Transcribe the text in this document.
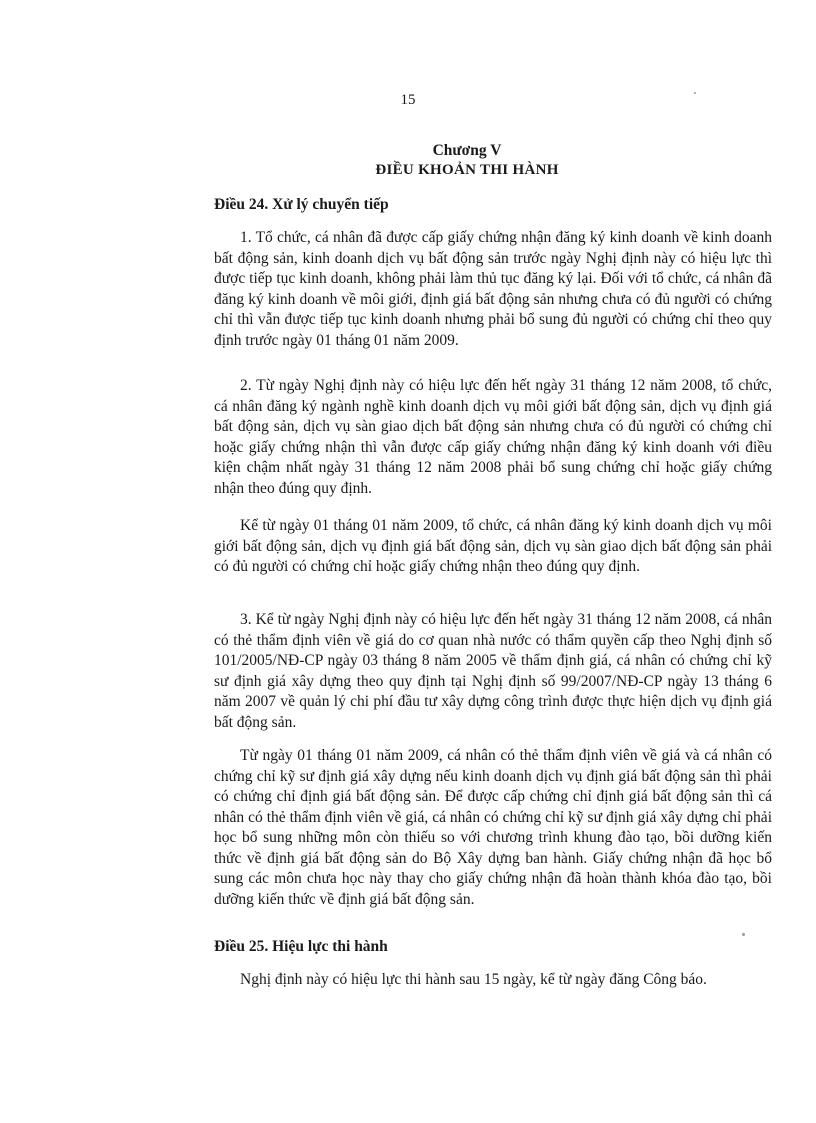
15
Chương V
ĐIỀU KHOẢN THI HÀNH
Điều 24. Xử lý chuyển tiếp
1. Tổ chức, cá nhân đã được cấp giấy chứng nhận đăng ký kinh doanh về kinh doanh bất động sản, kinh doanh dịch vụ bất động sản trước ngày Nghị định này có hiệu lực thì được tiếp tục kinh doanh, không phải làm thủ tục đăng ký lại. Đối với tổ chức, cá nhân đã đăng ký kinh doanh về môi giới, định giá bất động sản nhưng chưa có đủ người có chứng chỉ thì vẫn được tiếp tục kinh doanh nhưng phải bổ sung đủ người có chứng chỉ theo quy định trước ngày 01 tháng 01 năm 2009.
2. Từ ngày Nghị định này có hiệu lực đến hết ngày 31 tháng 12 năm 2008, tổ chức, cá nhân đăng ký ngành nghề kinh doanh dịch vụ môi giới bất động sản, dịch vụ định giá bất động sản, dịch vụ sàn giao dịch bất động sản nhưng chưa có đủ người có chứng chỉ hoặc giấy chứng nhận thì vẫn được cấp giấy chứng nhận đăng ký kinh doanh với điều kiện chậm nhất ngày 31 tháng 12 năm 2008 phải bổ sung chứng chỉ hoặc giấy chứng nhận theo đúng quy định.
Kể từ ngày 01 tháng 01 năm 2009, tổ chức, cá nhân đăng ký kinh doanh dịch vụ môi giới bất động sản, dịch vụ định giá bất động sản, dịch vụ sàn giao dịch bất động sản phải có đủ người có chứng chỉ hoặc giấy chứng nhận theo đúng quy định.
3. Kể từ ngày Nghị định này có hiệu lực đến hết ngày 31 tháng 12 năm 2008, cá nhân có thẻ thẩm định viên về giá do cơ quan nhà nước có thẩm quyền cấp theo Nghị định số 101/2005/NĐ-CP ngày 03 tháng 8 năm 2005 về thẩm định giá, cá nhân có chứng chỉ kỹ sư định giá xây dựng theo quy định tại Nghị định số 99/2007/NĐ-CP ngày 13 tháng 6 năm 2007 về quản lý chi phí đầu tư xây dựng công trình được thực hiện dịch vụ định giá bất động sản.
Từ ngày 01 tháng 01 năm 2009, cá nhân có thẻ thẩm định viên về giá và cá nhân có chứng chỉ kỹ sư định giá xây dựng nếu kinh doanh dịch vụ định giá bất động sản thì phải có chứng chỉ định giá bất động sản. Để được cấp chứng chỉ định giá bất động sản thì cá nhân có thẻ thẩm định viên về giá, cá nhân có chứng chỉ kỹ sư định giá xây dựng chỉ phải học bổ sung những môn còn thiếu so với chương trình khung đào tạo, bồi dưỡng kiến thức về định giá bất động sản do Bộ Xây dựng ban hành. Giấy chứng nhận đã học bổ sung các môn chưa học này thay cho giấy chứng nhận đã hoàn thành khóa đào tạo, bồi dưỡng kiến thức về định giá bất động sản.
Điều 25. Hiệu lực thi hành
Nghị định này có hiệu lực thi hành sau 15 ngày, kể từ ngày đăng Công báo.
